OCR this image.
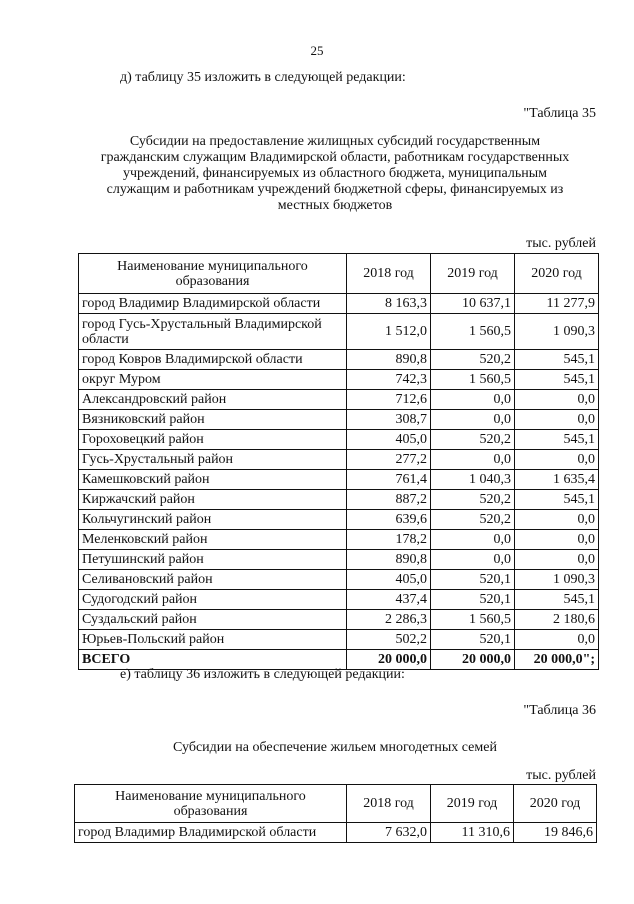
25
д) таблицу 35 изложить в следующей редакции:
"Таблица 35
Субсидии на предоставление жилищных субсидий государственным
гражданским служащим Владимирской области, работникам государственных
учреждений, финансируемых из областного бюджета, муниципальным
служащим и работникам учреждений бюджетной сферы, финансируемых из
местных бюджетов
тыс. рублей
Наименование муниципального образования	2018 год	2019 год	2020 год
город Владимир Владимирской области	8 163,3	10 637,1	11 277,9
город Гусь-Хрустальный Владимирской области	1 512,0	1 560,5	1 090,3
город Ковров Владимирской области	890,8	520,2	545,1
округ Муром	742,3	1 560,5	545,1
Александровский район	712,6	0,0	0,0
Вязниковский район	308,7	0,0	0,0
Гороховецкий район	405,0	520,2	545,1
Гусь-Хрустальный район	277,2	0,0	0,0
Камешковский район	761,4	1 040,3	1 635,4
Киржачский район	887,2	520,2	545,1
Кольчугинский район	639,6	520,2	0,0
Меленковский район	178,2	0,0	0,0
Петушинский район	890,8	0,0	0,0
Селивановский район	405,0	520,1	1 090,3
Судогодский район	437,4	520,1	545,1
Суздальский район	2 286,3	1 560,5	2 180,6
Юрьев-Польский район	502,2	520,1	0,0
ВСЕГО	20 000,0	20 000,0	20 000,0";
е) таблицу 36 изложить в следующей редакции:
"Таблица 36
Субсидии на обеспечение жильем многодетных семей
тыс. рублей
Наименование муниципального образования	2018 год	2019 год	2020 год
город Владимир Владимирской области	7 632,0	11 310,6	19 846,6
